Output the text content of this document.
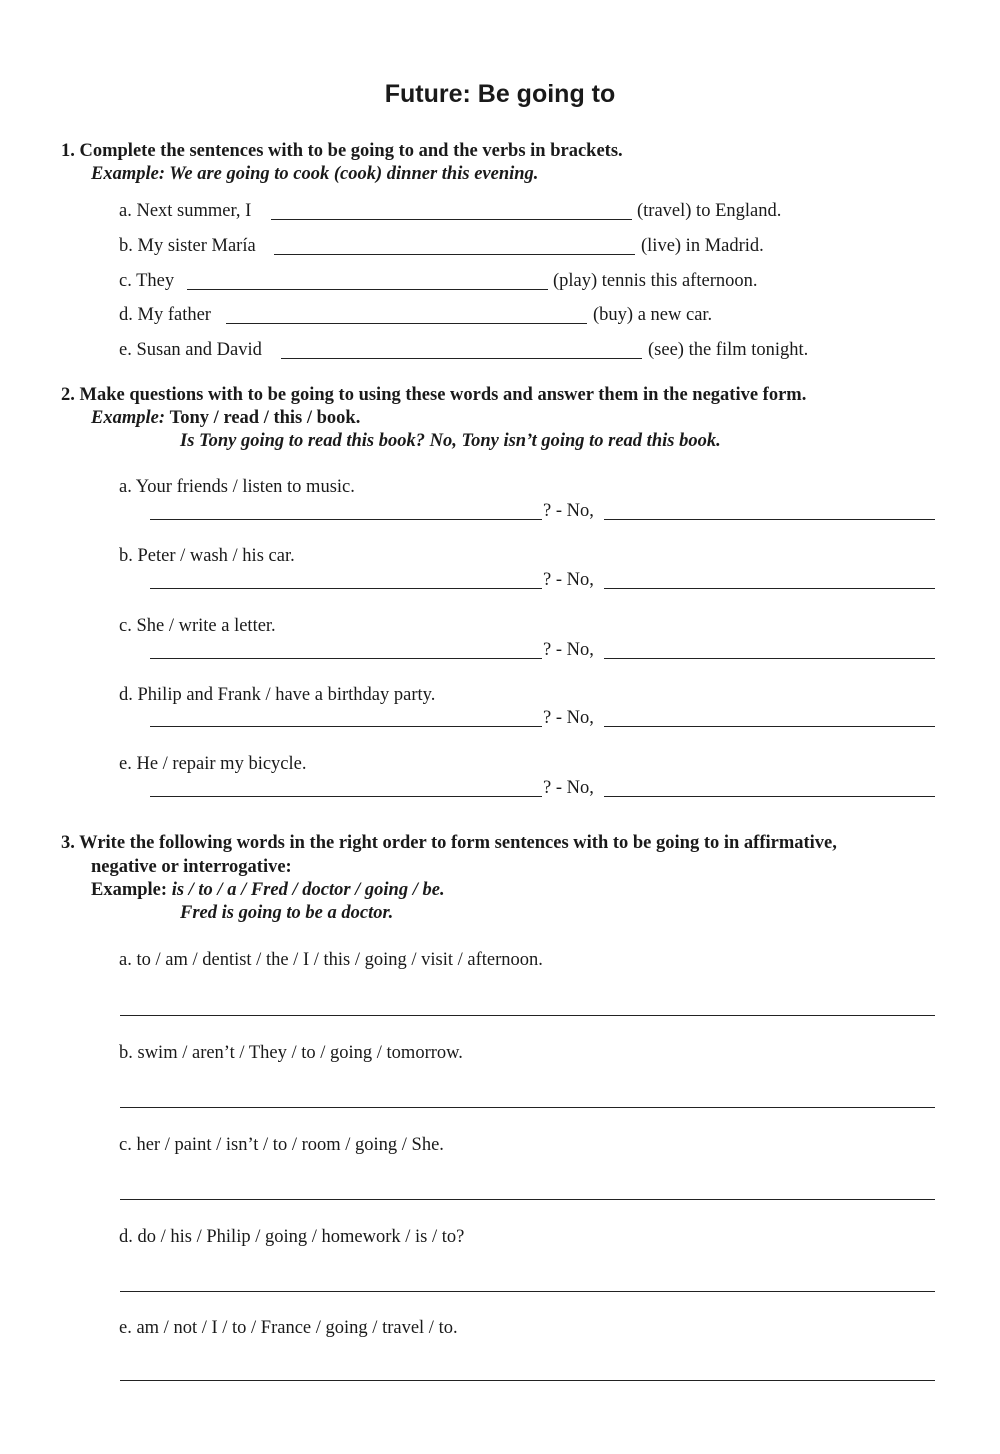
Future: Be going to
1. Complete the sentences with to be going to and the verbs in brackets.
Example: We are going to cook (cook) dinner this evening.
a. Next summer, I	(travel) to England.
b. My sister María	(live) in Madrid.
c. They	(play) tennis this afternoon.
d. My father	(buy) a new car.
e. Susan and David	(see) the film tonight.
2. Make questions with to be going to using these words and answer them in the negative form.
Example: Tony / read / this / book.
Is Tony going to read this book? No, Tony isn’t going to read this book.
a. Your friends / listen to music.
? - No,
b. Peter / wash / his car.
? - No,
c. She / write a letter.
? - No,
d. Philip and Frank / have a birthday party.
? - No,
e. He / repair my bicycle.
? - No,
3. Write the following words in the right order to form sentences with to be going to in affirmative,
negative or interrogative:
Example: is / to / a / Fred / doctor / going / be.
Fred is going to be a doctor.
a. to / am / dentist / the / I / this / going / visit / afternoon.
b. swim / aren’t / They / to / going / tomorrow.
c. her / paint / isn’t / to / room / going / She.
d. do / his / Philip / going / homework / is / to?
e. am / not / I / to / France / going / travel / to.
